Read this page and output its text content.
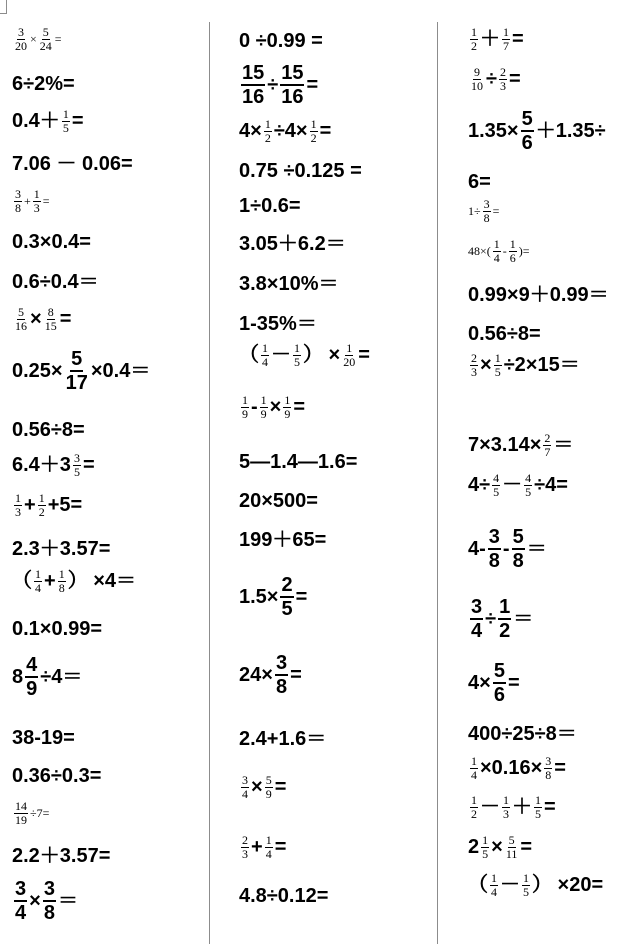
$\frac{3}{20} \times \frac{5}{24}$ =
6÷2%=
$0.4+ \frac{1}{5}$ =
7.06 － 0.06=
$\frac{3}{8} + \frac{1}{3}$ =
0.3×0.4=
0.6÷0.4＝
$\frac{5}{16} \times \frac{8}{15}$ =
$0.25\times \frac{5}{17} \times 0.4=$
0.56÷8=
$6.4+3 \frac{3}{5}$ =
$\frac{1}{3} + \frac{1}{2} +5=$
2.3＋3.57=
（ $\frac{1}{4} + \frac{1}{8}$ ） ×4＝
0.1×0.99=
$8 \frac{4}{9} \div 4=$
38-19=
0.36÷0.3=
$\frac{14}{19} \div 7=$
2.2＋3.57=
$\frac{3}{4} \times \frac{3}{8}$ ＝
0 ÷0.99 =
$\frac{15}{16} \div \frac{15}{16}$ =
$4\times \frac{1}{2} \div 4\times \frac{1}{2}$ =
0.75 ÷0.125 =
1÷0.6=
3.05＋6.2＝
3.8×10%＝
1-35%＝
（ $\frac{1}{4} - \frac{1}{5}$ ） × $\frac{1}{20}$ =
$\frac{1}{9} - \frac{1}{9} \times \frac{1}{9}$ =
5—1.4—1.6=
20×500=
199＋65=
$1.5\times \frac{2}{5}$ =
$24\times \frac{3}{8}$ =
2.4+1.6＝
$\frac{3}{4} \times \frac{5}{9}$ =
$\frac{2}{3} + \frac{1}{4}$ =
4.8÷0.12=
$\frac{1}{2} + \frac{1}{7}$ =
$\frac{9}{10} \div \frac{2}{3}$ =
$1.35\times \frac{5}{6} +1.35\div$
6=
$1\div \frac{3}{8}$ =
$48\times( \frac{1}{4} - \frac{1}{6}$ )=
0.99×9＋0.99＝
0.56÷8=
$\frac{2}{3} \times \frac{1}{5} \div 2\times 15=$
$7\times 3.14\times \frac{2}{7}$ ＝
$4\div \frac{4}{5} - \frac{4}{5} \div 4=$
$4- \frac{3}{8} - \frac{5}{8}$ ＝
$\frac{3}{4} \div \frac{1}{2}$ ＝
$4\times \frac{5}{6}$ =
400÷25÷8＝
$\frac{1}{4} \times 0.16\times \frac{3}{8}$ =
$\frac{1}{2} - \frac{1}{3} + \frac{1}{5}$ =
$2 \frac{1}{5} \times \frac{5}{11}$ =
（ $\frac{1}{4} - \frac{1}{5}$ ） ×20=
